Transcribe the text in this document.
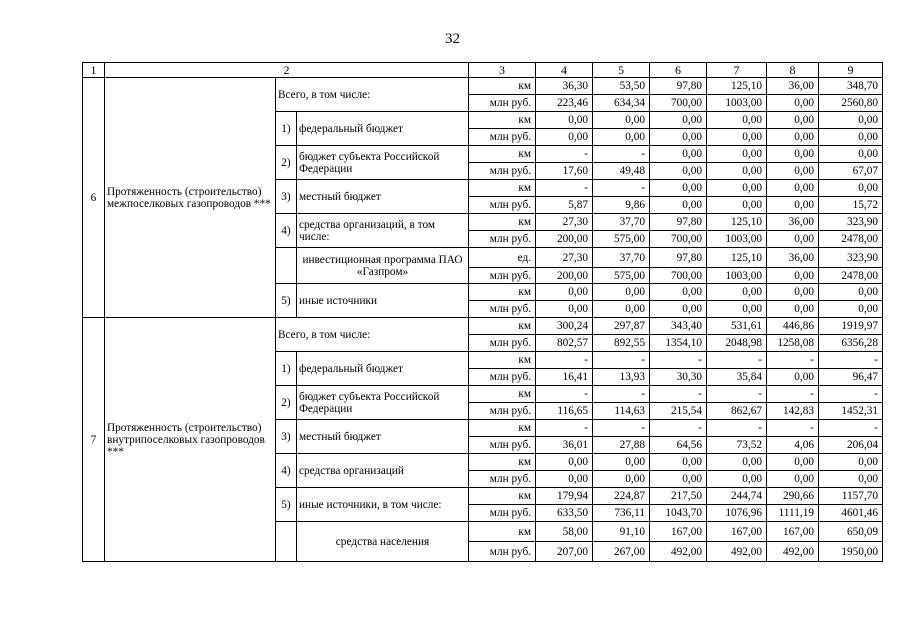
32
1	2			3	4	5	6	7	8	9
6	Протяженность (строительство) межпоселковых газопроводов ***	Всего, в том числе:		км	36,30	53,50	97,80	125,10	36,00	348,70
				млн руб.	223,46	634,34	700,00	1003,00	0,00	2560,80
		1)	федеральный бюджет	км	0,00	0,00	0,00	0,00	0,00	0,00
				млн руб.	0,00	0,00	0,00	0,00	0,00	0,00
		2)	бюджет субъекта Российской Федерации	км	-	-	0,00	0,00	0,00	0,00
				млн руб.	17,60	49,48	0,00	0,00	0,00	67,07
		3)	местный бюджет	км	-	-	0,00	0,00	0,00	0,00
				млн руб.	5,87	9,86	0,00	0,00	0,00	15,72
		4)	средства организаций, в том числе:	км	27,30	37,70	97,80	125,10	36,00	323,90
				млн руб.	200,00	575,00	700,00	1003,00	0,00	2478,00
			инвестиционная программа ПАО «Газпром»	ед.	27,30	37,70	97,80	125,10	36,00	323,90
				млн руб.	200,00	575,00	700,00	1003,00	0,00	2478,00
		5)	иные источники	км	0,00	0,00	0,00	0,00	0,00	0,00
				млн руб.	0,00	0,00	0,00	0,00	0,00	0,00
7	Протяженность (строительство) внутрипоселковых газопроводов ***	Всего, в том числе:		км	300,24	297,87	343,40	531,61	446,86	1919,97
				млн руб.	802,57	892,55	1354,10	2048,98	1258,08	6356,28
		1)	федеральный бюджет	км	-	-	-	-	-	-
				млн руб.	16,41	13,93	30,30	35,84	0,00	96,47
		2)	бюджет субъекта Российской Федерации	км	-	-	-	-	-	-
				млн руб.	116,65	114,63	215,54	862,67	142,83	1452,31
		3)	местный бюджет	км	-	-	-	-	-	-
				млн руб.	36,01	27,88	64,56	73,52	4,06	206,04
		4)	средства организаций	км	0,00	0,00	0,00	0,00	0,00	0,00
				млн руб.	0,00	0,00	0,00	0,00	0,00	0,00
		5)	иные источники, в том числе:	км	179,94	224,87	217,50	244,74	290,66	1157,70
				млн руб.	633,50	736,11	1043,70	1076,96	1111,19	4601,46
			средства населения	км	58,00	91,10	167,00	167,00	167,00	650,09
				млн руб.	207,00	267,00	492,00	492,00	492,00	1950,00
